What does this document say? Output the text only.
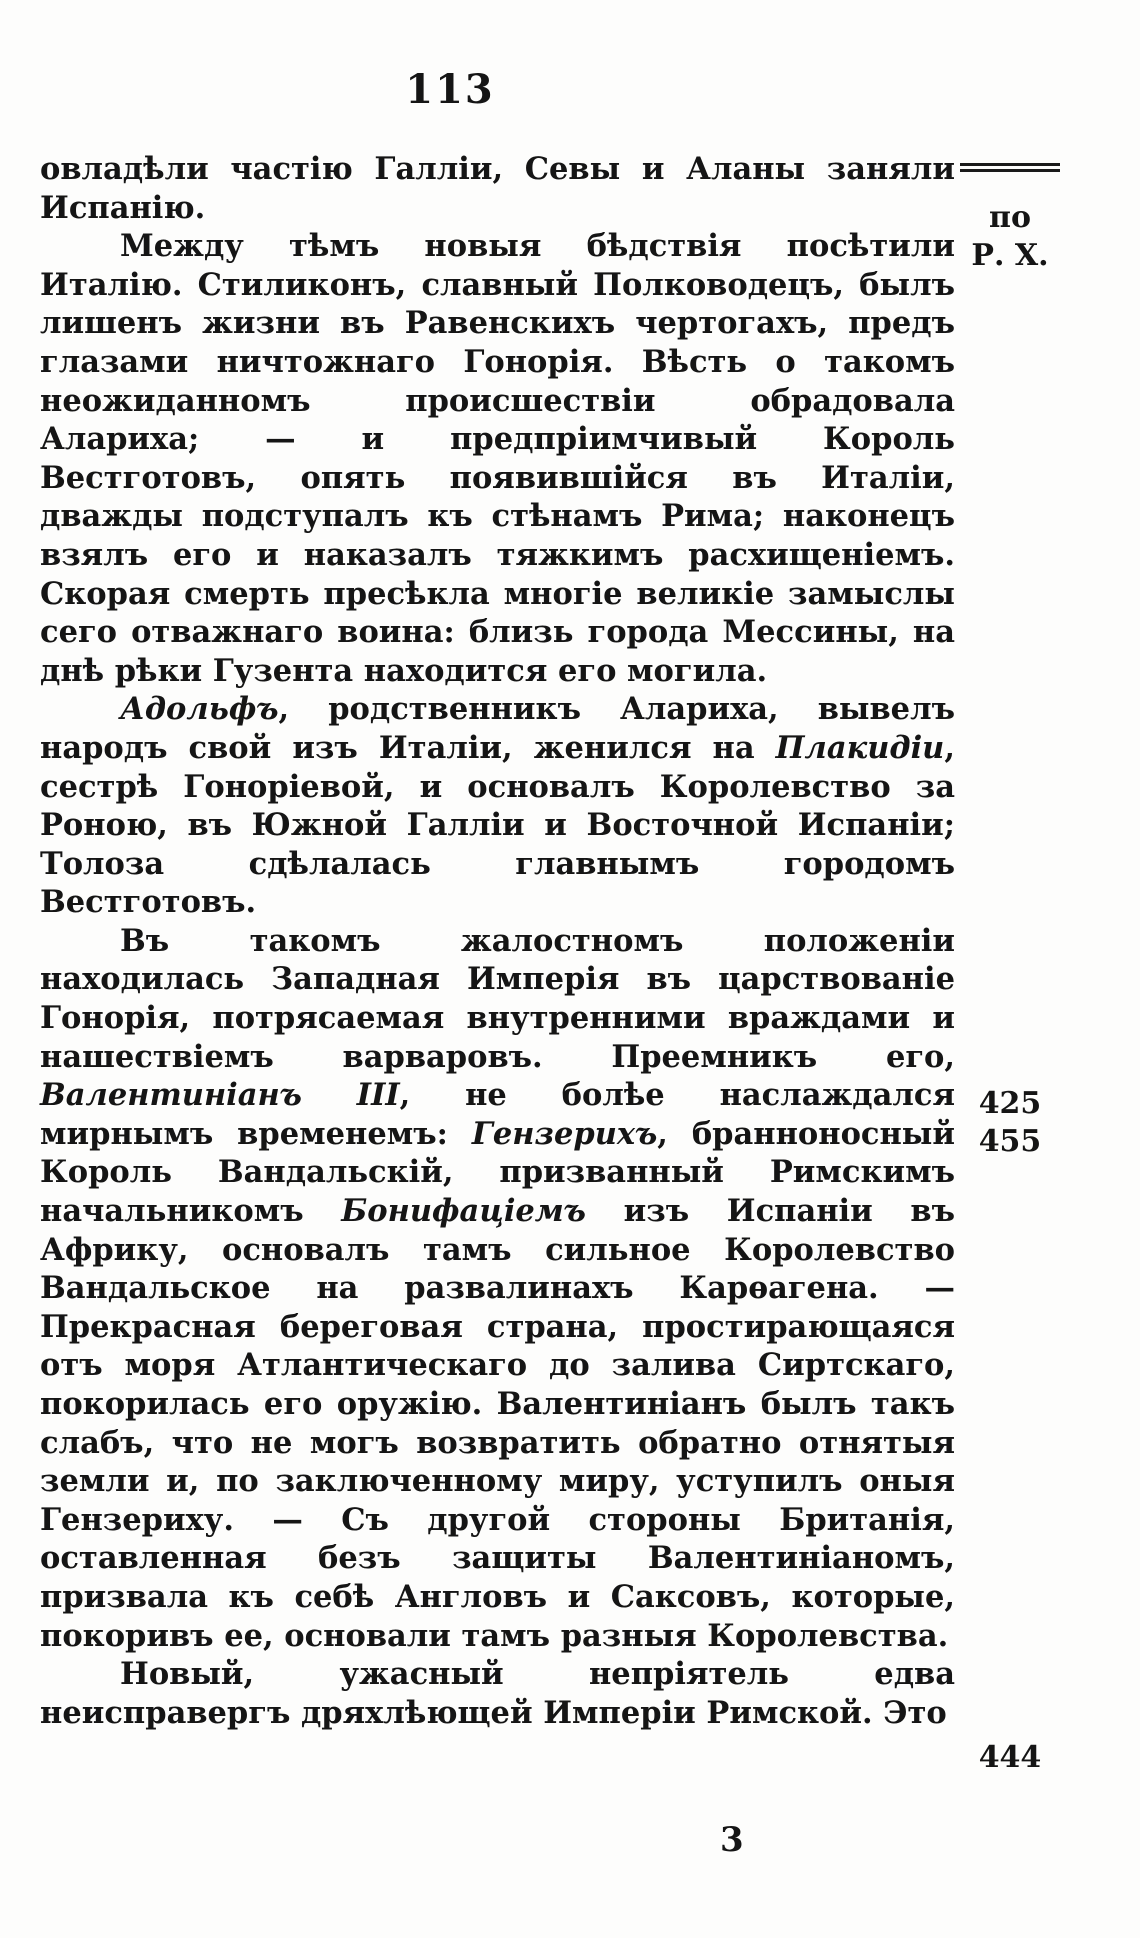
113
по
Р. Х.
425
455
444

овладѣли частію Галліи, Севы и Аланы заняли Испанію.

Между тѣмъ новыя бѣдствія посѣтили Италію. Стиликонъ, славный Полководецъ, былъ лишенъ жизни въ Равенскихъ чертогахъ, предъ глазами ничтожнаго Гонорія. Вѣсть о такомъ неожиданномъ происшествіи обрадовала Алариха; — и предпріимчивый Король Вестготовъ, опять появившійся въ Италіи, дважды подступалъ къ стѣнамъ Рима; наконецъ взялъ его и наказалъ тяжкимъ расхищеніемъ. Скорая смерть пресѣкла многіе великіе замыслы сего отважнаго воина: близь города Мессины, на днѣ рѣки Гузента находится его могила.

Адольфъ, родственникъ Алариха, вывелъ народъ свой изъ Италіи, женился на Плакидіи, сестрѣ Гоноріевой, и основалъ Королевство за Роною, въ Южной Галліи и Восточной Испаніи; Толоза сдѣлалась главнымъ городомъ Вестготовъ.

Въ такомъ жалостномъ положеніи находилась Западная Имперія въ царствованіе Гонорія, потрясаемая внутренними враждами и нашествіемъ варваровъ. Преемникъ его, Валентиніанъ III, не болѣе наслаждался мирнымъ временемъ: Гензерихъ, бранноносный Король Вандальскій, призванный Римскимъ начальникомъ Бонифаціемъ изъ Испаніи въ Африку, основалъ тамъ сильное Королевство Вандальское на развалинахъ Карѳагена. — Прекрасная береговая страна, простирающаяся отъ моря Атлантическаго до залива Сиртскаго, покорилась его оружію. Валентиніанъ былъ такъ слабъ, что не могъ возвратить обратно отнятыя земли и, по заключенному миру, уступилъ оныя Гензериху. — Съ другой стороны Британія, оставленная безъ защиты Валентиніаномъ, призвала къ себѣ Англовъ и Саксовъ, которые, покоривъ ее, основали тамъ разныя Королевства.

Новый, ужасный непріятель едва неисправергъ дряхлѣющей Имперіи Римской. Это

3
